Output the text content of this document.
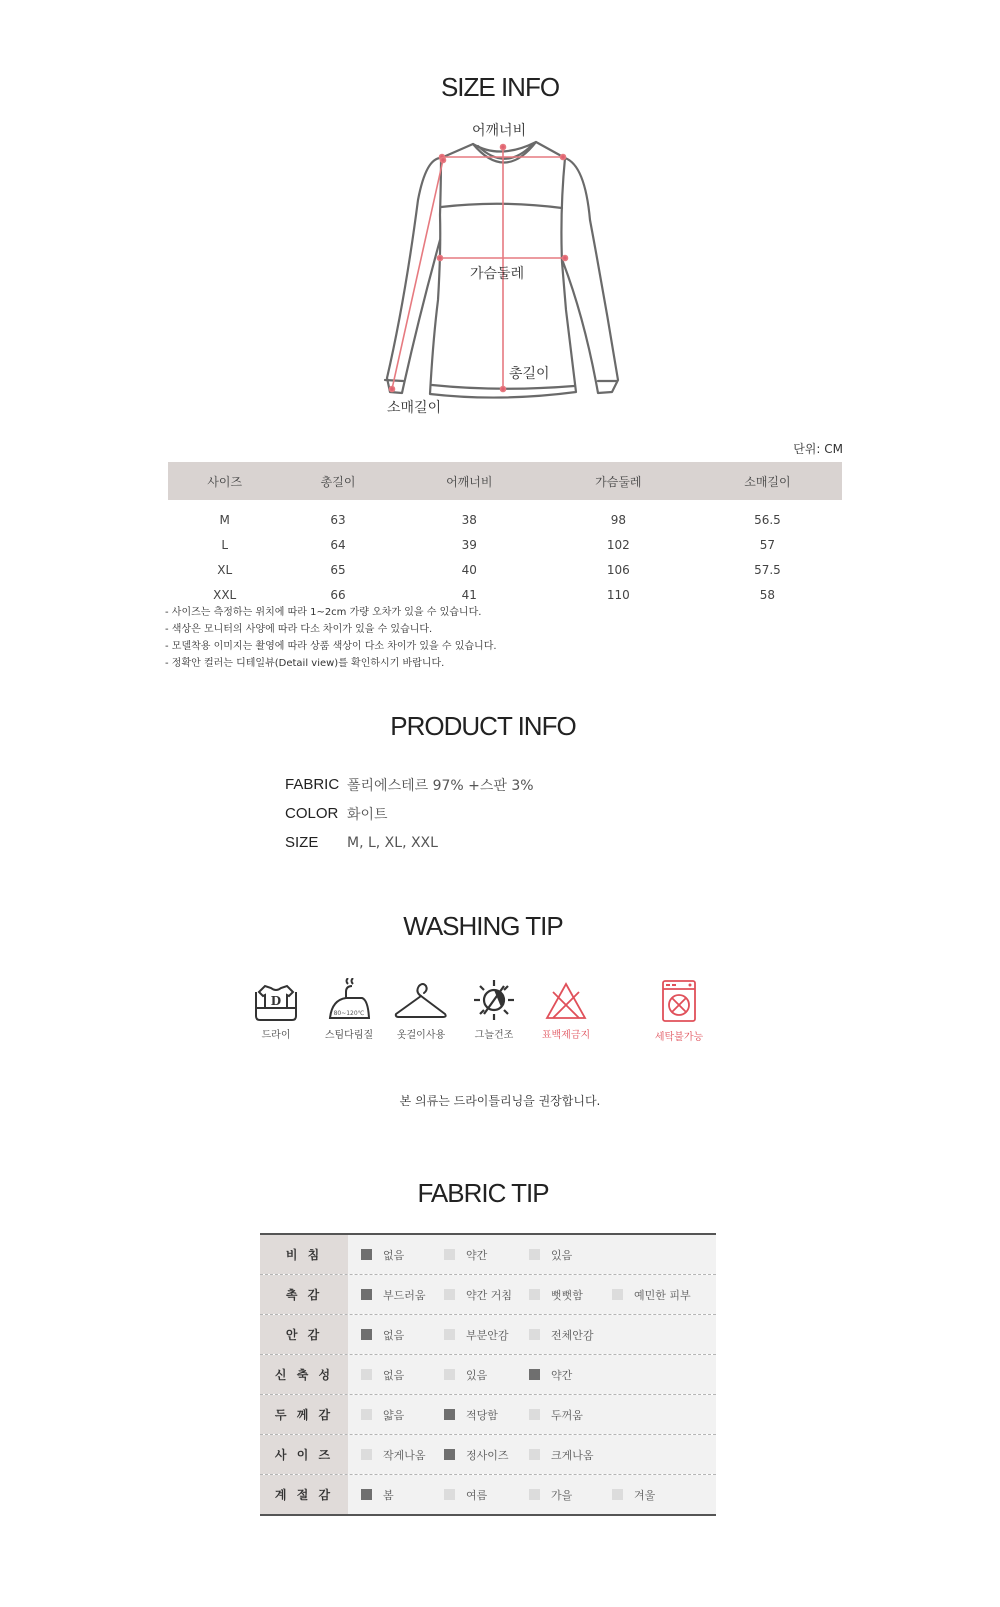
SIZE INFO
어깨너비
가슴둘레
총길이
소매길이
단위: CM
사이즈	총길이	어깨너비	가슴둘레	소매길이
M	63	38	98	56.5
L	64	39	102	57
XL	65	40	106	57.5
XXL	66	41	110	58
- 사이즈는 측정하는 위치에 따라 1~2cm 가량 오차가 있을 수 있습니다.
- 색상은 모니터의 사양에 따라 다소 차이가 있을 수 있습니다.
- 모델착용 이미지는 촬영에 따라 상품 색상이 다소 차이가 있을 수 있습니다.
- 정확안 컬러는 디테일뷰(Detail view)를 확인하시기 바랍니다.
PRODUCT INFO
FABRIC 폴리에스테르 97% +스판 3%
COLOR 화이트
SIZE	M, L, XL, XXL
WASHING TIP
D
드라이
80~120℃
스팀다림질	옷걸이사용	그늘건조	표백제금지	세탁불가능
본 의류는 드라이틀리닝을 권장합니다.
FABRIC TIP
비 침	없음	약간	있음
촉 감	부드러움	약간 거침	뻣뻣함	예민한 피부
안 감	없음	부분안감	전체안감
신 축 성	없음	있음	약간
두 께 감	얇음	적당함	두꺼움
사 이 즈	작게나옴	정사이즈	크게나옴
계 절 감	봄	여름	가을	겨울
